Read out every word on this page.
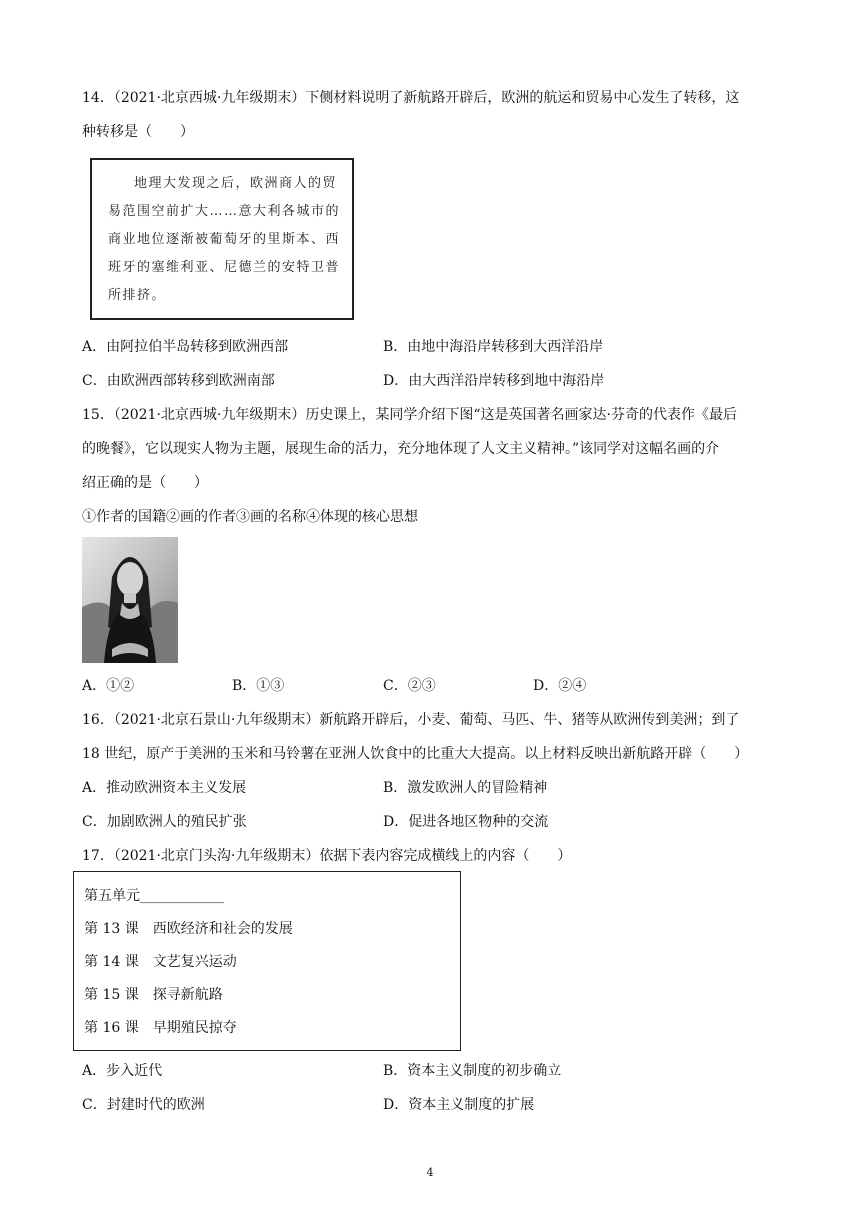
14．（2021·北京西城·九年级期末）下侧材料说明了新航路开辟后，欧洲的航运和贸易中心发生了转移，这
种转移是（　　）
地理大发现之后，欧洲商人的贸易范围空前扩大……意大利各城市的商业地位逐渐被葡萄牙的里斯本、西班牙的塞维利亚、尼德兰的安特卫普所排挤。
A．由阿拉伯半岛转移到欧洲西部	B．由地中海沿岸转移到大西洋沿岸
C．由欧洲西部转移到欧洲南部	D．由大西洋沿岸转移到地中海沿岸
15．（2021·北京西城·九年级期末）历史课上，某同学介绍下图“这是英国著名画家达·芬奇的代表作《最后
的晚餐》，它以现实人物为主题，展现生命的活力，充分地体现了人文主义精神。”该同学对这幅名画的介
绍正确的是（　　）
①作者的国籍②画的作者③画的名称④体现的核心思想
A．①②	B．①③	C．②③	D．②④
16．（2021·北京石景山·九年级期末）新航路开辟后，小麦、葡萄、马匹、牛、猪等从欧洲传到美洲；到了
18 世纪，原产于美洲的玉米和马铃薯在亚洲人饮食中的比重大大提高。以上材料反映出新航路开辟（　　）
A．推动欧洲资本主义发展	B．激发欧洲人的冒险精神
C．加剧欧洲人的殖民扩张	D．促进各地区物种的交流
17．（2021·北京门头沟·九年级期末）依据下表内容完成横线上的内容（　　）
第五单元____________
第 13 课　西欧经济和社会的发展
第 14 课　文艺复兴运动
第 15 课　探寻新航路
第 16 课　早期殖民掠夺
A．步入近代	B．资本主义制度的初步确立
C．封建时代的欧洲	D．资本主义制度的扩展
4
